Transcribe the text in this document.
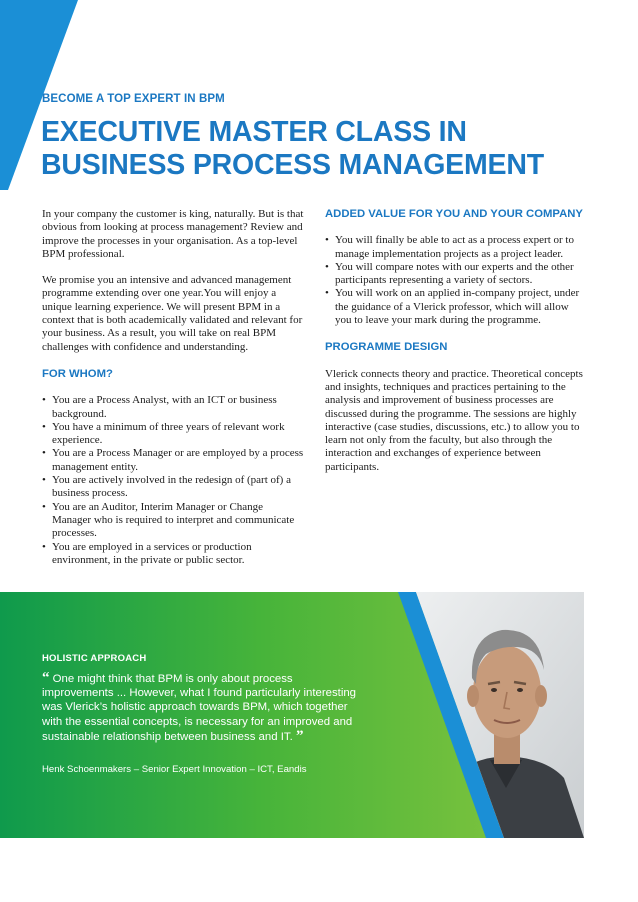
BECOME A TOP EXPERT IN BPM
EXECUTIVE MASTER CLASS IN
BUSINESS PROCESS MANAGEMENT

In your company the customer is king, naturally. But is that obvious from looking at process management? Review and improve the processes in your organisation. As a top-level BPM professional.

We promise you an intensive and advanced management programme extending over one year.You will enjoy a unique learning experience. We will present BPM in a context that is both academically validated and relevant for your business. As a result, you will take on real BPM challenges with confidence and understanding.

FOR WHOM?
• You are a Process Analyst, with an ICT or business background.
• You have a minimum of three years of relevant work experience.
• You are a Process Manager or are employed by a process management entity.
• You are actively involved in the redesign of (part of) a business process.
• You are an Auditor, Interim Manager or Change Manager who is required to interpret and communicate processes.
• You are employed in a services or production environment, in the private or public sector.
ADDED VALUE FOR YOU AND YOUR COMPANY
• You will finally be able to act as a process expert or to manage implementation projects as a project leader.
• You will compare notes with our experts and the other participants representing a variety of sectors.
• You will work on an applied in-company project, under the guidance of a Vlerick professor, which will allow you to leave your mark during the programme.
PROGRAMME DESIGN

Vlerick connects theory and practice. Theoretical concepts and insights, techniques and practices pertaining to the analysis and improvement of business processes are discussed during the programme. The sessions are highly interactive (case studies, discussions, etc.) to allow you to learn not only from the faculty, but also through the interaction and exchanges of experience between participants.

HOLISTIC APPROACH

“ One might think that BPM is only about process improvements ... However, what I found particularly interesting was Vlerick’s holistic approach towards BPM, which together with the essential concepts, is necessary for an improved and sustainable relationship between business and IT. ”

Henk Schoenmakers – Senior Expert Innovation – ICT, Eandis
